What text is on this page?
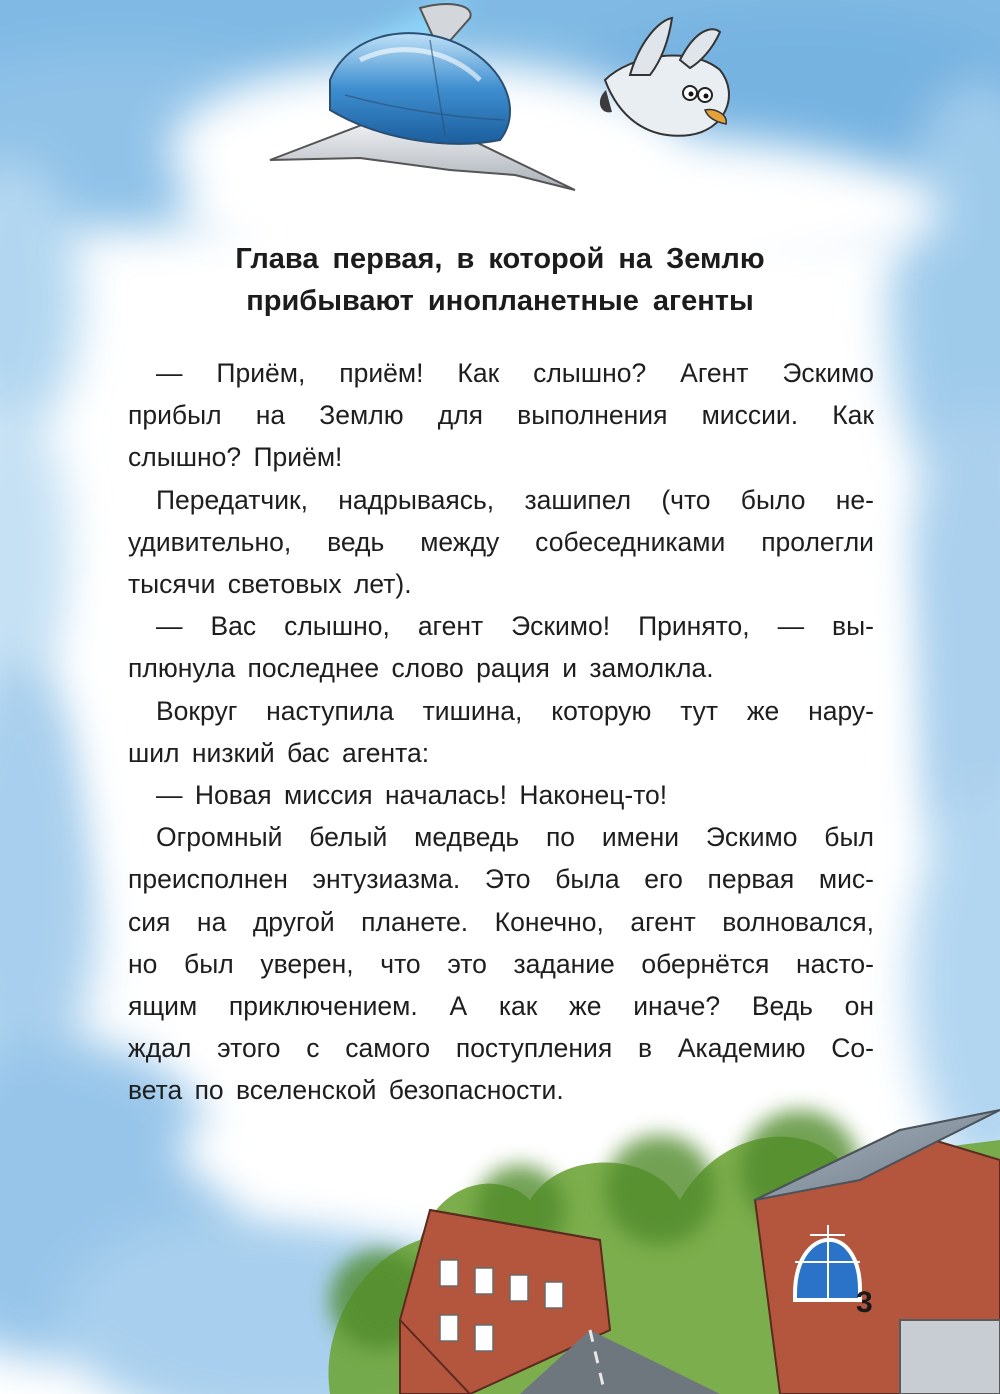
Глава первая, в которой на Землю
прибывают инопланетные агенты
— Приём, приём! Как слышно? Агент Эскимо
прибыл на Землю для выполнения миссии. Как
слышно? Приём!
Передатчик, надрываясь, зашипел (что было не-
удивительно, ведь между собеседниками пролегли
тысячи световых лет).
— Вас слышно, агент Эскимо! Принято, — вы-
плюнула последнее слово рация и замолкла.
Вокруг наступила тишина, которую тут же нару-
шил низкий бас агента:
— Новая миссия началась! Наконец-то!
Огромный белый медведь по имени Эскимо был
преисполнен энтузиазма. Это была его первая мис-
сия на другой планете. Конечно, агент волновался,
но был уверен, что это задание обернётся насто-
ящим приключением. А как же иначе? Ведь он
ждал этого с самого поступления в Академию Со-
вета по вселенской безопасности.
3
